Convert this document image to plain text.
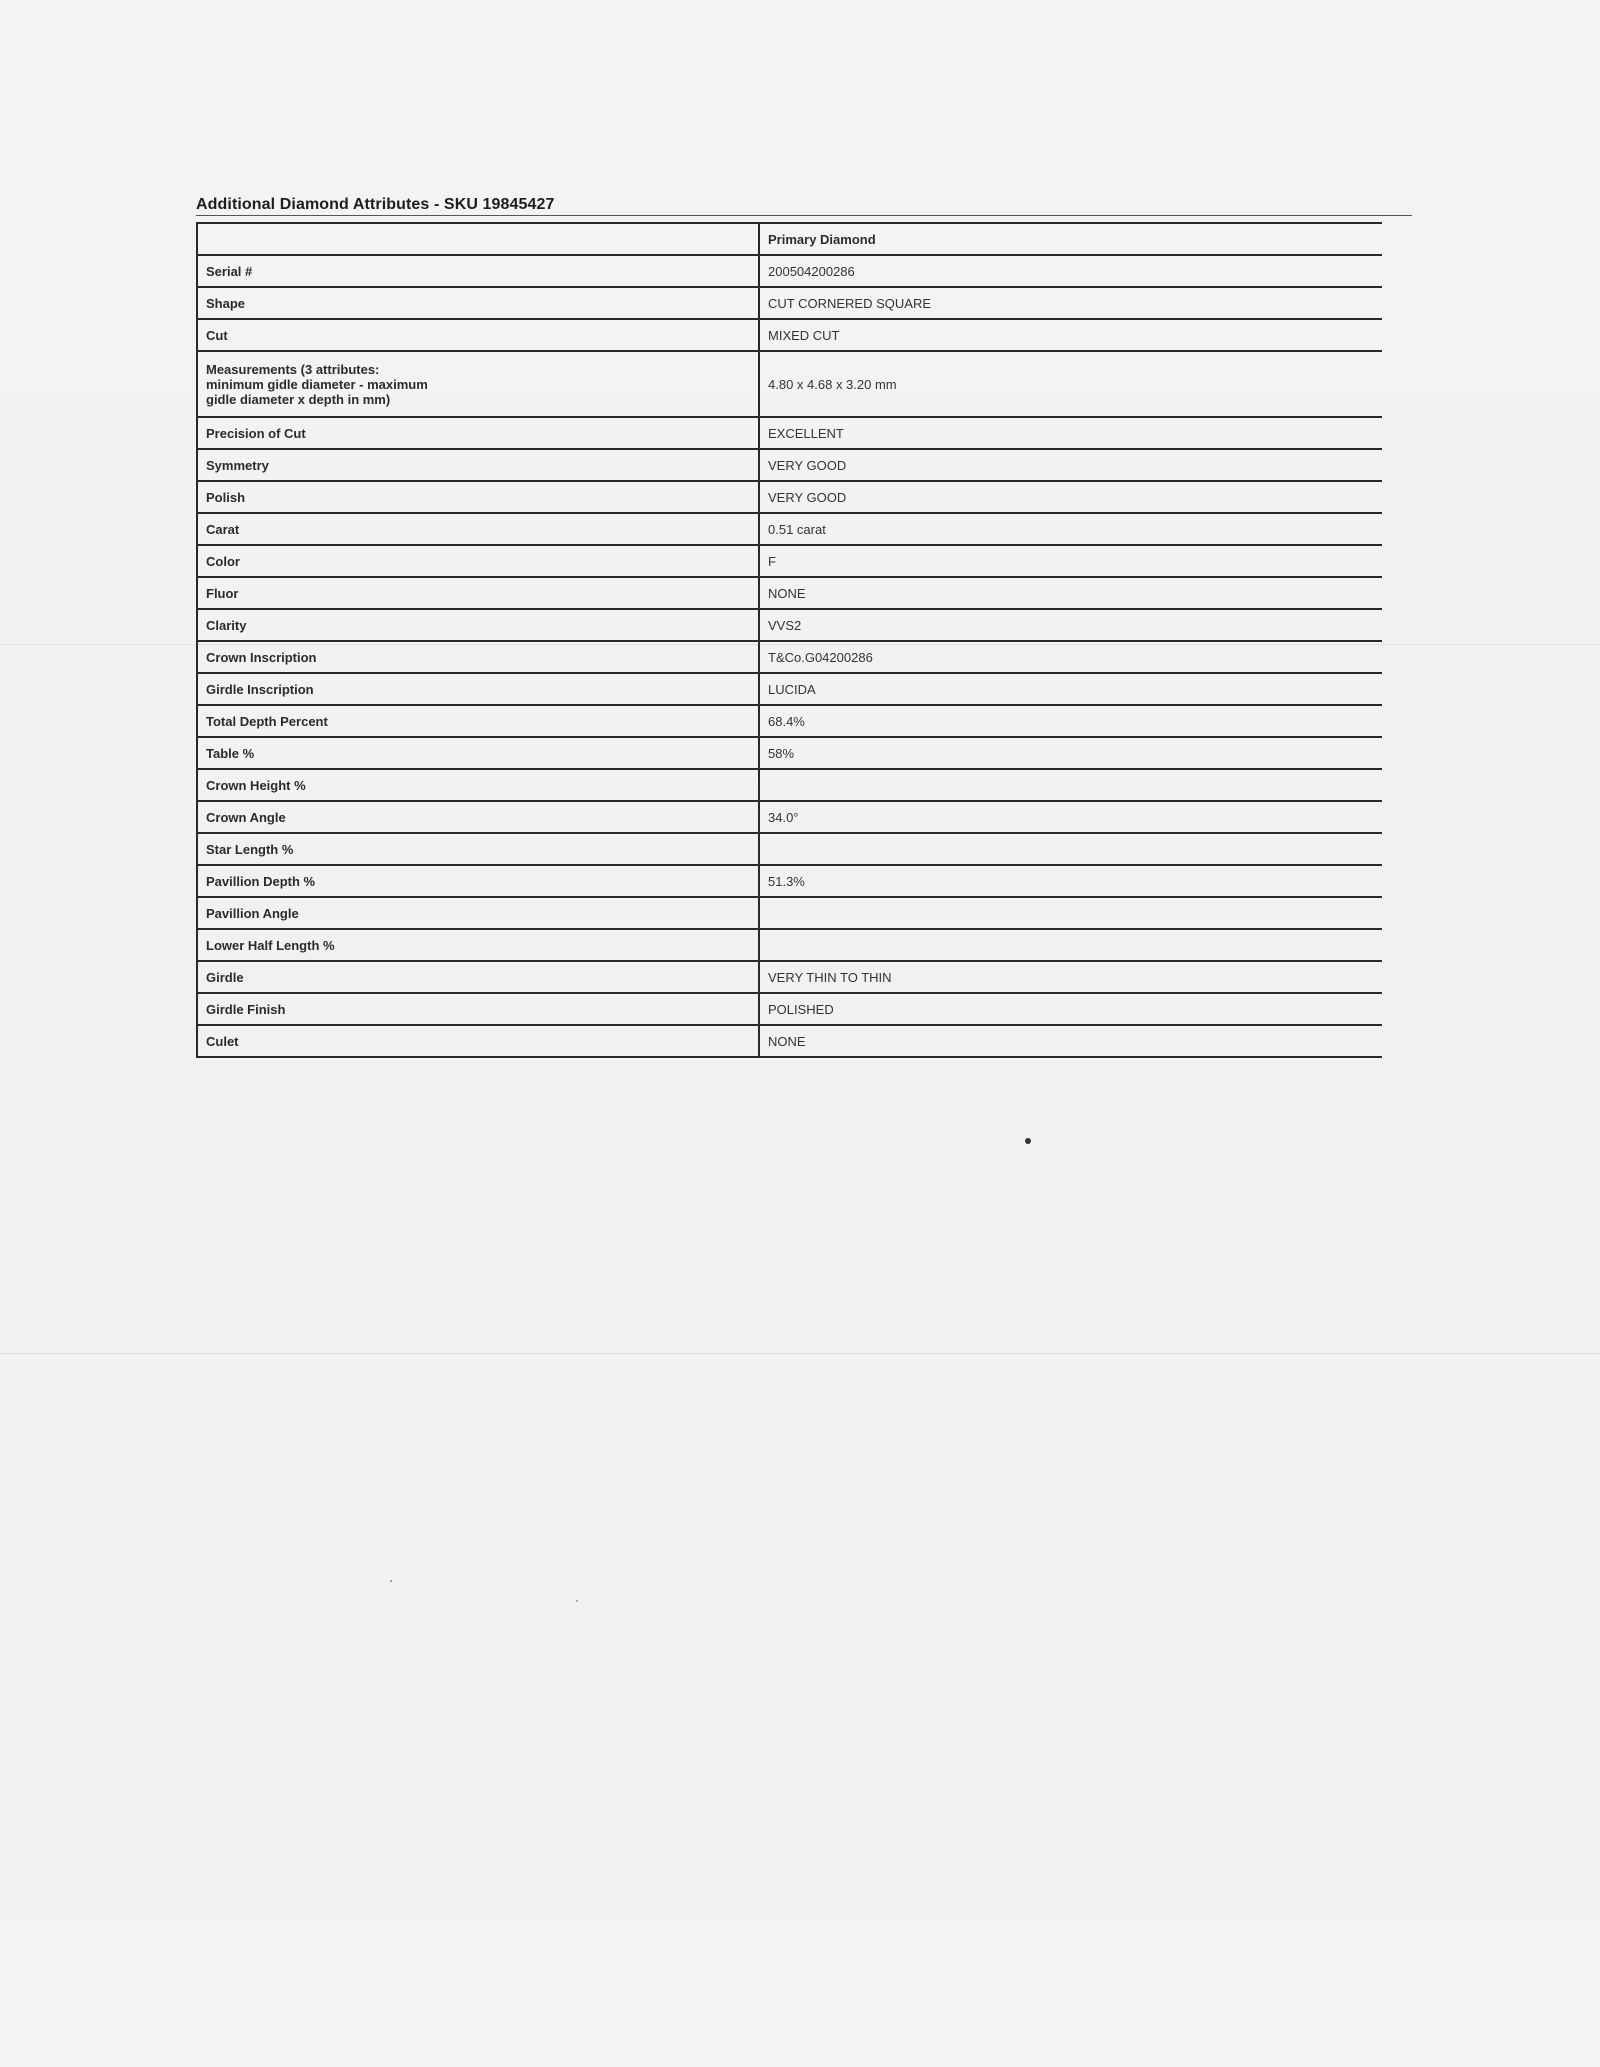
Additional Diamond Attributes - SKU 19845427
	Primary Diamond
Serial #	200504200286
Shape	CUT CORNERED SQUARE
Cut	MIXED CUT
Measurements (3 attributes:
minimum gidle diameter - maximum
gidle diameter x depth in mm)	4.80 x 4.68 x 3.20 mm
Precision of Cut	EXCELLENT
Symmetry	VERY GOOD
Polish	VERY GOOD
Carat	0.51 carat
Color	F
Fluor	NONE
Clarity	VVS2
Crown Inscription	T&Co.G04200286
Girdle Inscription	LUCIDA
Total Depth Percent	68.4%
Table %	58%
Crown Height %	
Crown Angle	34.0°
Star Length %	
Pavillion Depth %	51.3%
Pavillion Angle	
Lower Half Length %	
Girdle	VERY THIN TO THIN
Girdle Finish	POLISHED
Culet	NONE
